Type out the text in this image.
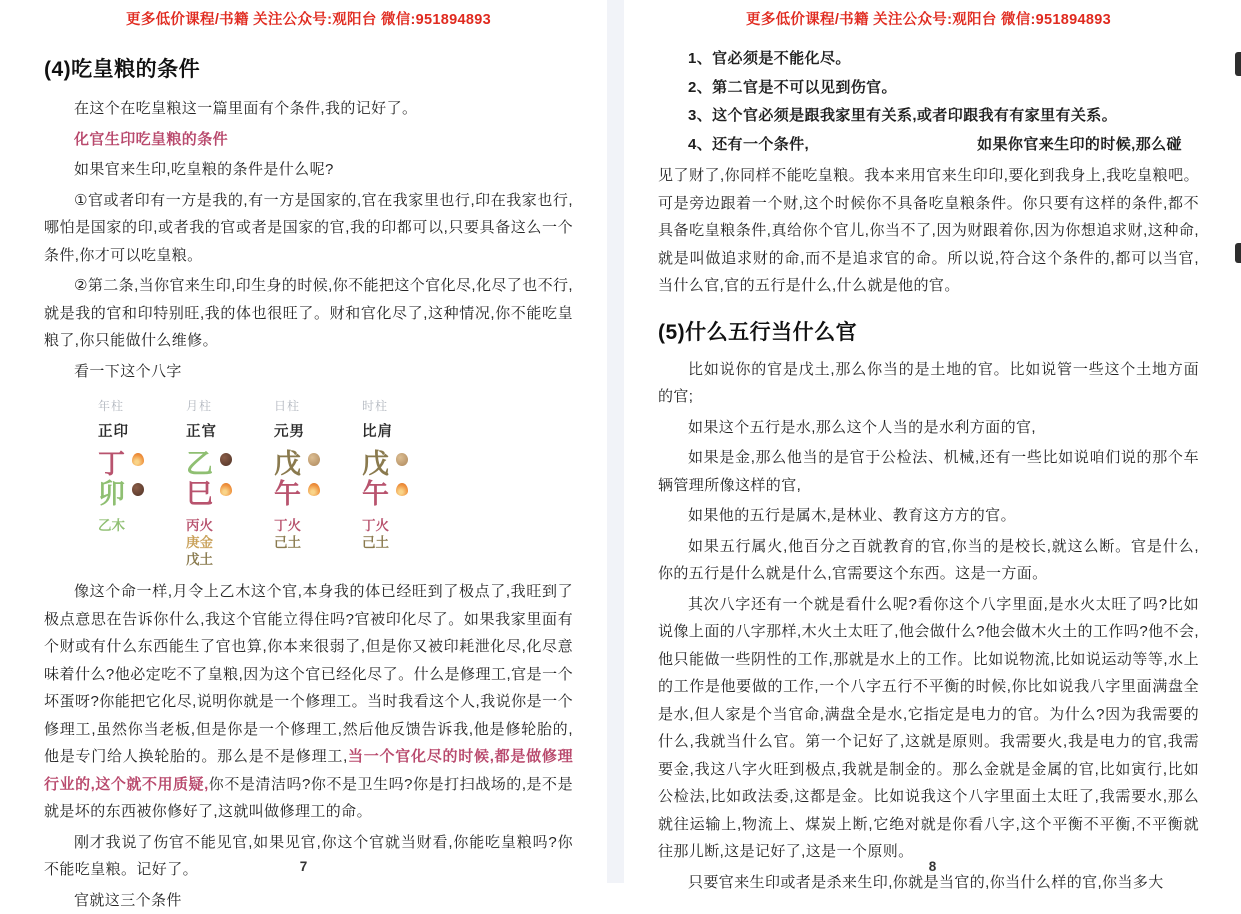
更多低价课程/书籍 关注公众号:观阳台 微信:951894893
(4)吃皇粮的条件

在这个在吃皇粮这一篇里面有个条件,我的记好了。

化官生印吃皇粮的条件

如果官来生印,吃皇粮的条件是什么呢?

①官或者印有一方是我的,有一方是国家的,官在我家里也行,印在我家也行,哪怕是国家的印,或者我的官或者是国家的官,我的印都可以,只要具备这么一个条件,你才可以吃皇粮。

②第二条,当你官来生印,印生身的时候,你不能把这个官化尽,化尽了也不行,就是我的官和印特别旺,我的体也很旺了。财和官化尽了,这种情况,你不能吃皇粮了,你只能做什么维修。

看一下这个八字

年柱
正印
丁
卯
乙木
月柱
正官
乙
巳
丙火
庚金
戊土
日柱
元男
戊
午
丁火
己土
时柱
比肩
戊
午
丁火
己土

像这个命一样,月令上乙木这个官,本身我的体已经旺到了极点了,我旺到了极点意思在告诉你什么,我这个官能立得住吗?官被印化尽了。如果我家里面有个财或有什么东西能生了官也算,你本来很弱了,但是你又被印耗泄化尽,化尽意味着什么?他必定吃不了皇粮,因为这个官已经化尽了。什么是修理工,官是一个坏蛋呀?你能把它化尽,说明你就是一个修理工。当时我看这个人,我说你是一个修理工,虽然你当老板,但是你是一个修理工,然后他反馈告诉我,他是修轮胎的,他是专门给人换轮胎的。那么是不是修理工,当一个官化尽的时候,都是做修理行业的,这个就不用质疑,你不是清洁吗?你不是卫生吗?你是打扫战场的,是不是就是坏的东西被你修好了,这就叫做修理工的命。

刚才我说了伤官不能见官,如果见官,你这个官就当财看,你能吃皇粮吗?你不能吃皇粮。记好了。

官就这三个条件

7
更多低价课程/书籍 关注公众号:观阳台 微信:951894893
1、官必须是不能化尽。
2、第二官是不可以见到伤官。
3、这个官必须是跟我家里有关系,或者印跟我有有家里有关系。
4、还有一个条件,	如果你官来生印的时候,那么碰

见了财了,你同样不能吃皇粮。我本来用官来生印印,要化到我身上,我吃皇粮吧。可是旁边跟着一个财,这个时候你不具备吃皇粮条件。你只要有这样的条件,都不具备吃皇粮条件,真给你个官儿,你当不了,因为财跟着你,因为你想追求财,这种命,就是叫做追求财的命,而不是追求官的命。所以说,符合这个条件的,都可以当官,当什么官,官的五行是什么,什么就是他的官。

(5)什么五行当什么官

比如说你的官是戊土,那么你当的是土地的官。比如说管一些这个土地方面的官;

如果这个五行是水,那么这个人当的是水利方面的官,

如果是金,那么他当的是官于公检法、机械,还有一些比如说咱们说的那个车辆管理所像这样的官,

如果他的五行是属木,是林业、教育这方方的官。

如果五行属火,他百分之百就教育的官,你当的是校长,就这么断。官是什么,你的五行是什么就是什么,官需要这个东西。这是一方面。

其次八字还有一个就是看什么呢?看你这个八字里面,是水火太旺了吗?比如说像上面的八字那样,木火土太旺了,他会做什么?他会做木火土的工作吗?他不会,他只能做一些阴性的工作,那就是水上的工作。比如说物流,比如说运动等等,水上的工作是他要做的工作,一个八字五行不平衡的时候,你比如说我八字里面满盘全是水,但人家是个当官命,满盘全是水,它指定是电力的官。为什么?因为我需要的什么,我就当什么官。第一个记好了,这就是原则。我需要火,我是电力的官,我需要金,我这八字火旺到极点,我就是制金的。那么金就是金属的官,比如寅行,比如公检法,比如政法委,这都是金。比如说我这个八字里面土太旺了,我需要水,那么就往运输上,物流上、煤炭上断,它绝对就是你看八字,这个平衡不平衡,不平衡就往那儿断,这是记好了,这是一个原则。

只要官来生印或者是杀来生印,你就是当官的,你当什么样的官,你当多大

8
